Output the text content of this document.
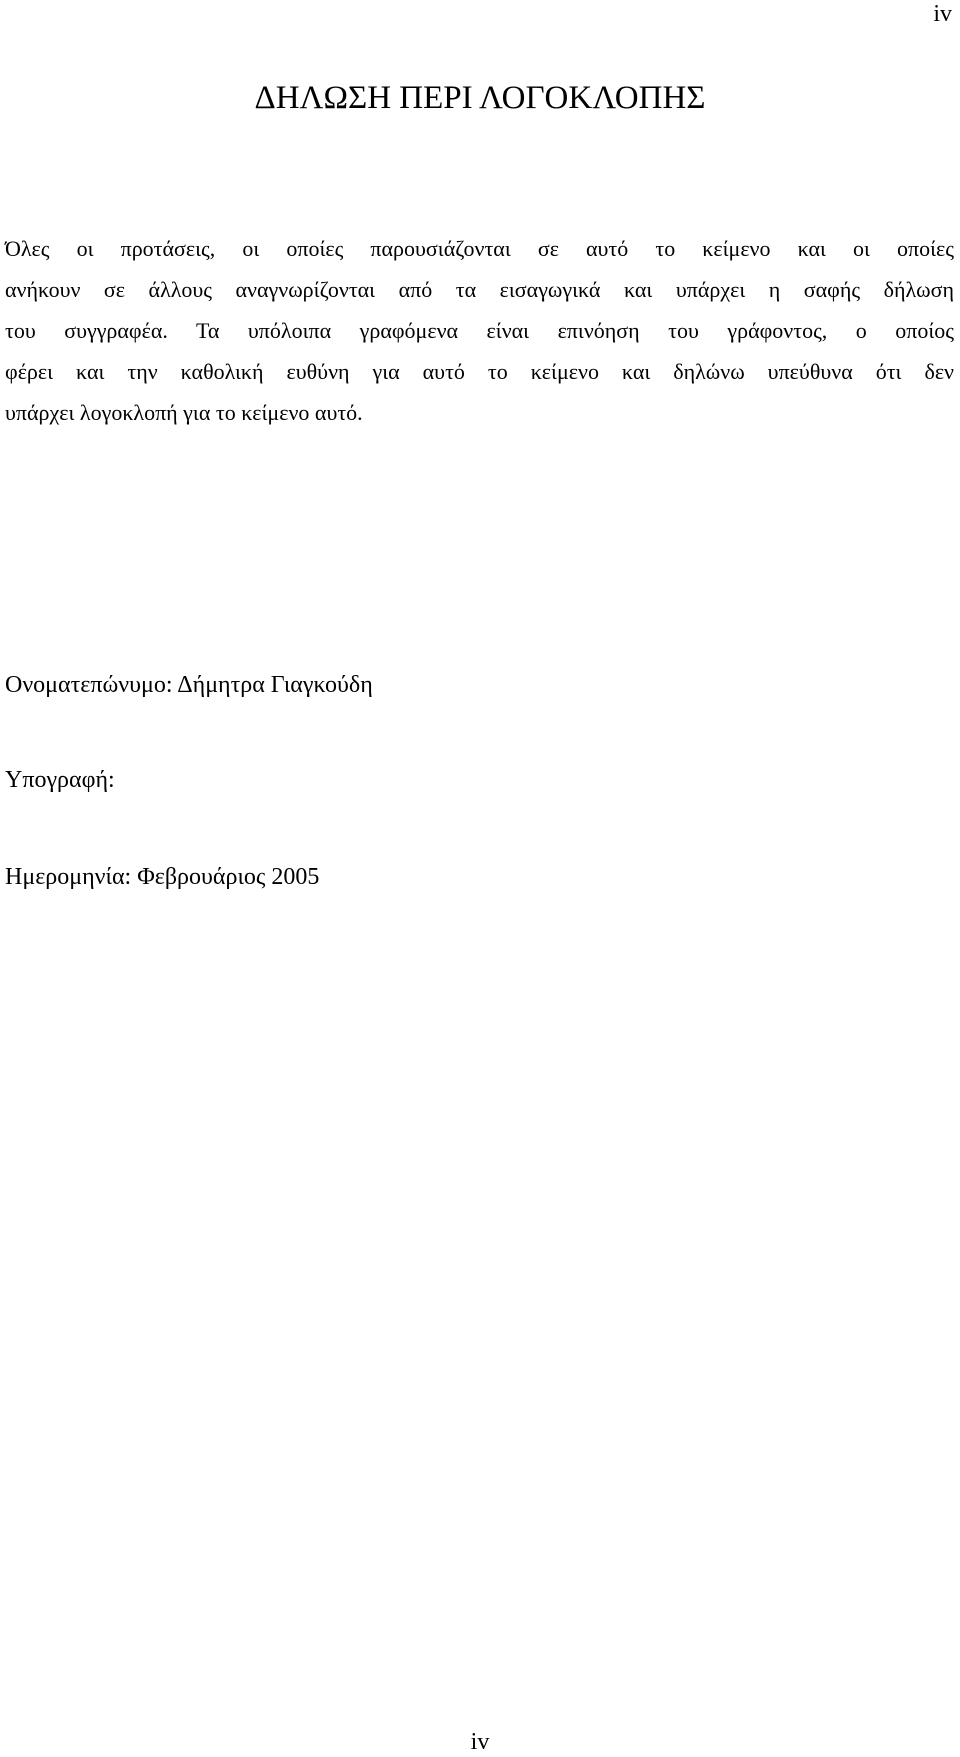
iv
ΔΗΛΩΣΗ ΠΕΡΙ ΛΟΓΟΚΛΟΠΗΣ
Όλες οι προτάσεις, οι οποίες παρουσιάζονται σε αυτό το κείμενο και οι οποίες
ανήκουν σε άλλους αναγνωρίζονται από τα εισαγωγικά και υπάρχει η σαφής δήλωση
του συγγραφέα. Τα υπόλοιπα γραφόμενα είναι επινόηση του γράφοντος, ο οποίος
φέρει και την καθολική ευθύνη για αυτό το κείμενο και δηλώνω υπεύθυνα ότι δεν
υπάρχει λογοκλοπή για το κείμενο αυτό.
Ονοματεπώνυμο: Δήμητρα Γιαγκούδη
Υπογραφή:
Ημερομηνία: Φεβρουάριος 2005
iv
